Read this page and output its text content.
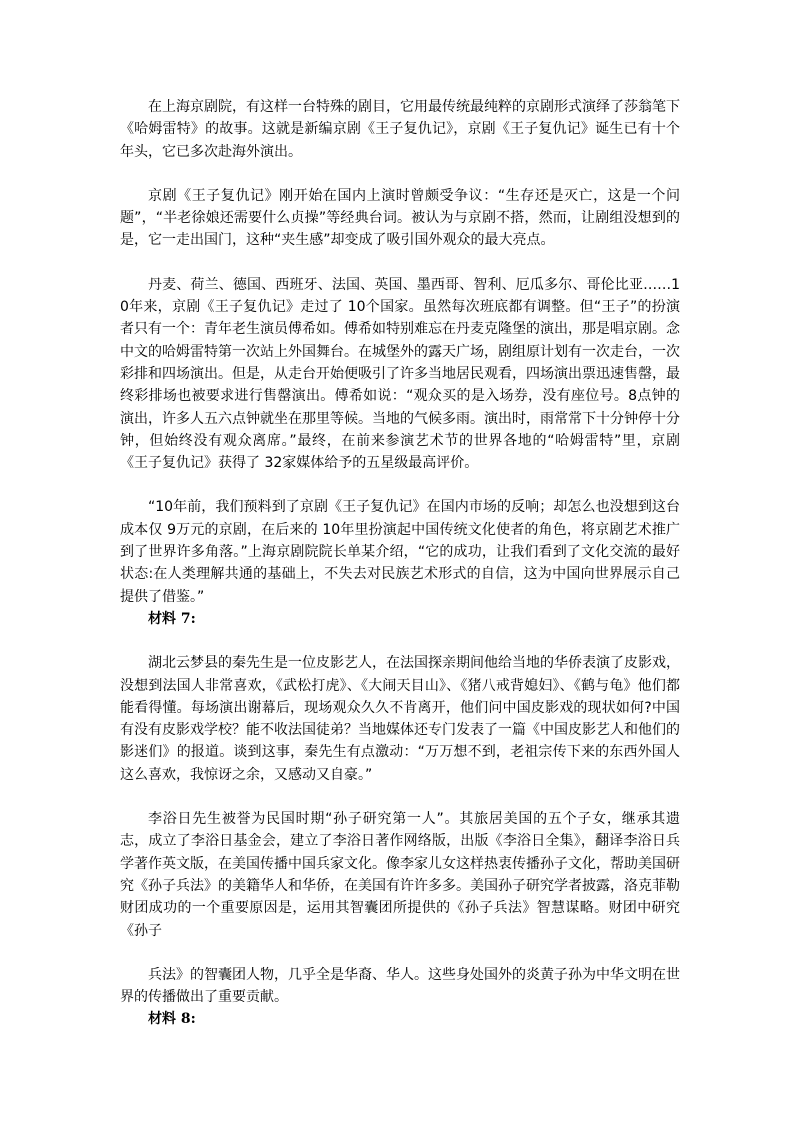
在上海京剧院，有这样一台特殊的剧目，它用最传统最纯粹的京剧形式演绎了莎翁笔下《哈姆雷特》的故事。这就是新编京剧《王子复仇记》，京剧《王子复仇记》诞生已有十个年头，它已多次赴海外演出。

京剧《王子复仇记》刚开始在国内上演时曾颇受争议：“生存还是灭亡，这是一个问题”，“半老徐娘还需要什么贞操”等经典台词。被认为与京剧不搭，然而，让剧组没想到的是，它一走出国门，这种“夹生感”却变成了吸引国外观众的最大亮点。

丹麦、荷兰、德国、西班牙、法国、英国、墨西哥、智利、厄瓜多尔、哥伦比亚……10年来，京剧《王子复仇记》走过了 10个国家。虽然每次班底都有调整。但“王子”的扮演者只有一个：青年老生演员傅希如。傅希如特别难忘在丹麦克隆堡的演出，那是唱京剧。念中文的哈姆雷特第一次站上外国舞台。在城堡外的露天广场，剧组原计划有一次走台，一次彩排和四场演出。但是，从走台开始便吸引了许多当地居民观看，四场演出票迅速售罄，最终彩排场也被要求进行售罄演出。傅希如说：“观众买的是入场券，没有座位号。8点钟的演出，许多人五六点钟就坐在那里等候。当地的气候多雨。演出时，雨常常下十分钟停十分钟，但始终没有观众离席。”最终，在前来参演艺术节的世界各地的“哈姆雷特”里，京剧《王子复仇记》获得了 32家媒体给予的五星级最高评价。

“10年前，我们预料到了京剧《王子复仇记》在国内市场的反响；却怎么也没想到这台成本仅 9万元的京剧，在后来的 10年里扮演起中国传统文化使者的角色，将京剧艺术推广到了世界许多角落。”上海京剧院院长单某介绍，“它的成功，让我们看到了文化交流的最好状态:在人类理解共通的基础上，不失去对民族艺术形式的自信，这为中国向世界展示自己提供了借鉴。”

材料 7:

湖北云梦县的秦先生是一位皮影艺人，在法国探亲期间他给当地的华侨表演了皮影戏，没想到法国人非常喜欢，《武松打虎》、《大闹天目山》、《猪八戒背媳妇》、《鹤与龟》他们都能看得懂。每场演出谢幕后，现场观众久久不肯离开，他们问中国皮影戏的现状如何?中国有没有皮影戏学校？能不收法国徒弟？当地媒体还专门发表了一篇《中国皮影艺人和他们的影迷们》的报道。谈到这事，秦先生有点激动：“万万想不到，老祖宗传下来的东西外国人这么喜欢，我惊讶之余，又感动又自豪。”

李浴日先生被誉为民国时期“孙子研究第一人”。其旅居美国的五个子女，继承其遗志，成立了李浴日基金会，建立了李浴日著作网络版，出版《李浴日全集》，翻译李浴日兵学著作英文版，在美国传播中国兵家文化。像李家儿女这样热衷传播孙子文化，帮助美国研究《孙子兵法》的美籍华人和华侨，在美国有许许多多。美国孙子研究学者披露，洛克菲勒财团成功的一个重要原因是，运用其智囊团所提供的《孙子兵法》智慧谋略。财团中研究《孙子

兵法》的智囊团人物，几乎全是华裔、华人。这些身处国外的炎黄子孙为中华文明在世界的传播做出了重要贡献。

材料 8:
